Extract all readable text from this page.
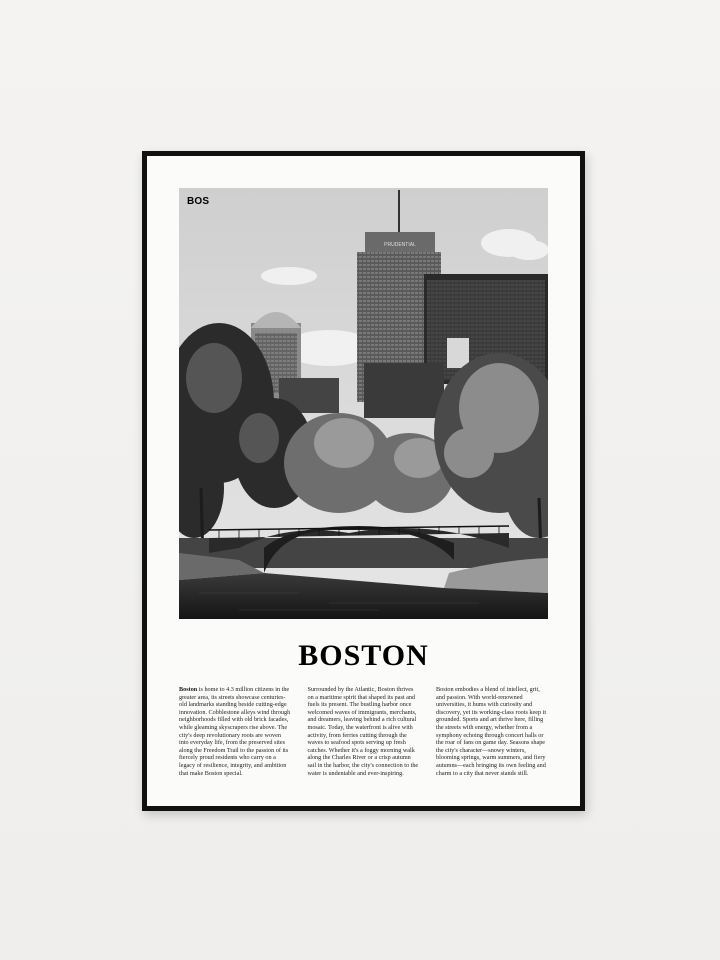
PRUDENTIAL
BOS
BOSTON
Boston is home to 4.3 million citizens in the greater area, its streets showcase centuries-old landmarks standing beside cutting-edge innovation. Cobblestone alleys wind through neighborhoods filled with old brick facades, while gleaming skyscrapers rise above. The city's deep revolutionary roots are woven into everyday life, from the preserved sites along the Freedom Trail to the passion of its fiercely proud residents who carry on a legacy of resilience, integrity, and ambition that make Boston special.
Surrounded by the Atlantic, Boston thrives on a maritime spirit that shaped its past and fuels its present. The bustling harbor once welcomed waves of immigrants, merchants, and dreamers, leaving behind a rich cultural mosaic. Today, the waterfront is alive with activity, from ferries cutting through the waves to seafood spots serving up fresh catches. Whether it's a foggy morning walk along the Charles River or a crisp autumn sail in the harbor, the city's connection to the water is undeniable and ever-inspiring.
Boston embodies a blend of intellect, grit, and passion. With world-renowned universities, it hums with curiosity and discovery, yet its working-class roots keep it grounded. Sports and art thrive here, filling the streets with energy, whether from a symphony echoing through concert halls or the roar of fans on game day. Seasons shape the city's character—snowy winters, blooming springs, warm summers, and fiery autumns—each bringing its own feeling and charm to a city that never stands still.
